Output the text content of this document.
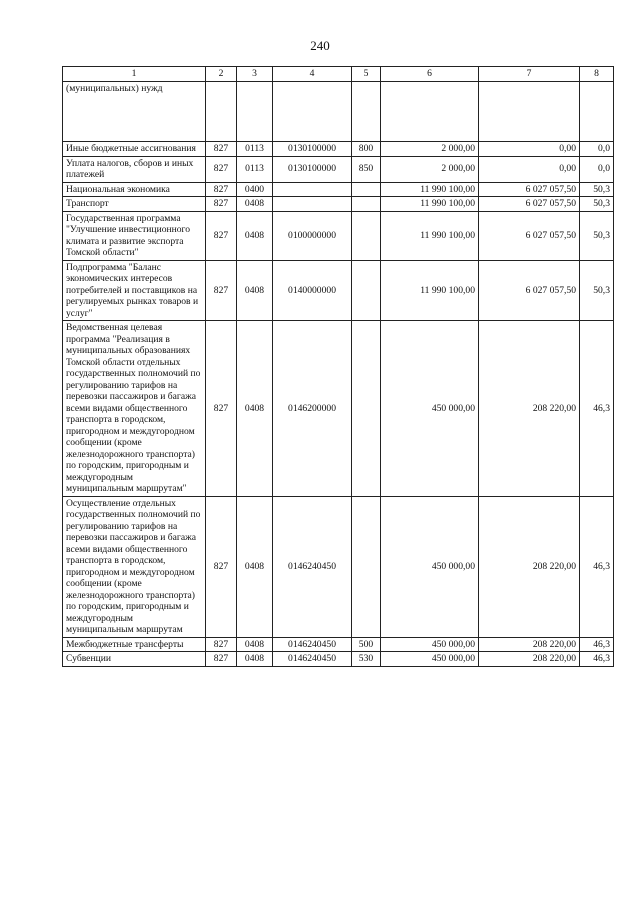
240
1	2	3	4	5	6	7	8
(муниципальных) нужд							
Иные бюджетные ассигнования	827	0113	0130100000	800	2 000,00	0,00	0,0
Уплата налогов, сборов и иных платежей	827	0113	0130100000	850	2 000,00	0,00	0,0
Национальная экономика	827	0400			11 990 100,00	6 027 057,50	50,3
Транспорт	827	0408			11 990 100,00	6 027 057,50	50,3
Государственная программа "Улучшение инвестиционного климата и развитие экспорта Томской области"	827	0408	0100000000		11 990 100,00	6 027 057,50	50,3
Подпрограмма "Баланс экономических интересов потребителей и поставщиков на регулируемых рынках товаров и услуг"	827	0408	0140000000		11 990 100,00	6 027 057,50	50,3
Ведомственная целевая программа "Реализация в муниципальных образованиях Томской области отдельных государственных полномочий по регулированию тарифов на перевозки пассажиров и багажа всеми видами общественного транспорта в городском, пригородном и междугородном сообщении (кроме железнодорожного транспорта) по городским, пригородным и междугородным муниципальным маршрутам"	827	0408	0146200000		450 000,00	208 220,00	46,3
Осуществление отдельных государственных полномочий по регулированию тарифов на перевозки пассажиров и багажа всеми видами общественного транспорта в городском, пригородном и междугородном сообщении (кроме железнодорожного транспорта) по городским, пригородным и междугородным муниципальным маршрутам	827	0408	0146240450		450 000,00	208 220,00	46,3
Межбюджетные трансферты	827	0408	0146240450	500	450 000,00	208 220,00	46,3
Субвенции	827	0408	0146240450	530	450 000,00	208 220,00	46,3
